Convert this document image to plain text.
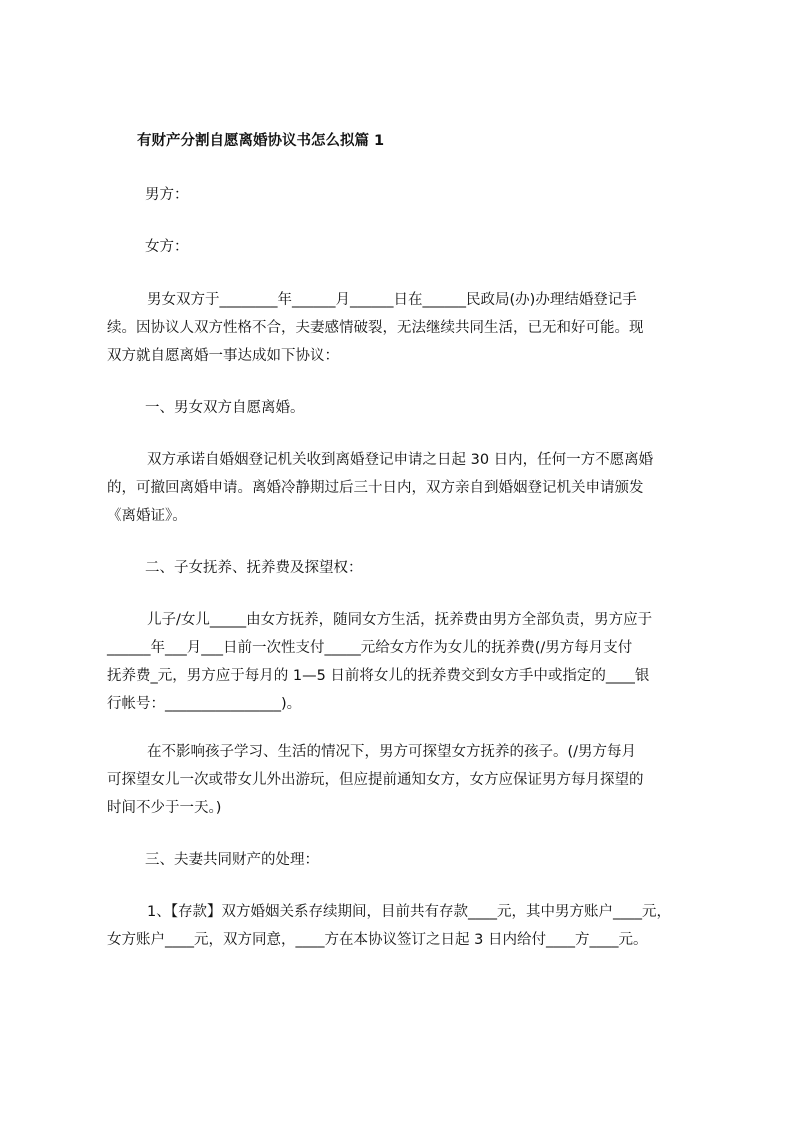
有财产分割自愿离婚协议书怎么拟篇 1
男方：
女方：
男女双方于________年______月______日在______民政局(办)办理结婚登记手
续。因协议人双方性格不合，夫妻感情破裂，无法继续共同生活，已无和好可能。现
双方就自愿离婚一事达成如下协议：
一、男女双方自愿离婚。
双方承诺自婚姻登记机关收到离婚登记申请之日起 30 日内，任何一方不愿离婚
的，可撤回离婚申请。离婚冷静期过后三十日内，双方亲自到婚姻登记机关申请颁发
《离婚证》。
二、子女抚养、抚养费及探望权：
儿子/女儿_____由女方抚养，随同女方生活，抚养费由男方全部负责，男方应于
______年___月___日前一次性支付_____元给女方作为女儿的抚养费(/男方每月支付
抚养费_元，男方应于每月的 1—5 日前将女儿的抚养费交到女方手中或指定的____银
行帐号：________________)。
在不影响孩子学习、生活的情况下，男方可探望女方抚养的孩子。(/男方每月
可探望女儿一次或带女儿外出游玩，但应提前通知女方，女方应保证男方每月探望的
时间不少于一天。)
三、夫妻共同财产的处理：
1、【存款】双方婚姻关系存续期间，目前共有存款____元，其中男方账户____元，
女方账户____元，双方同意，____方在本协议签订之日起 3 日内给付____方____元。
